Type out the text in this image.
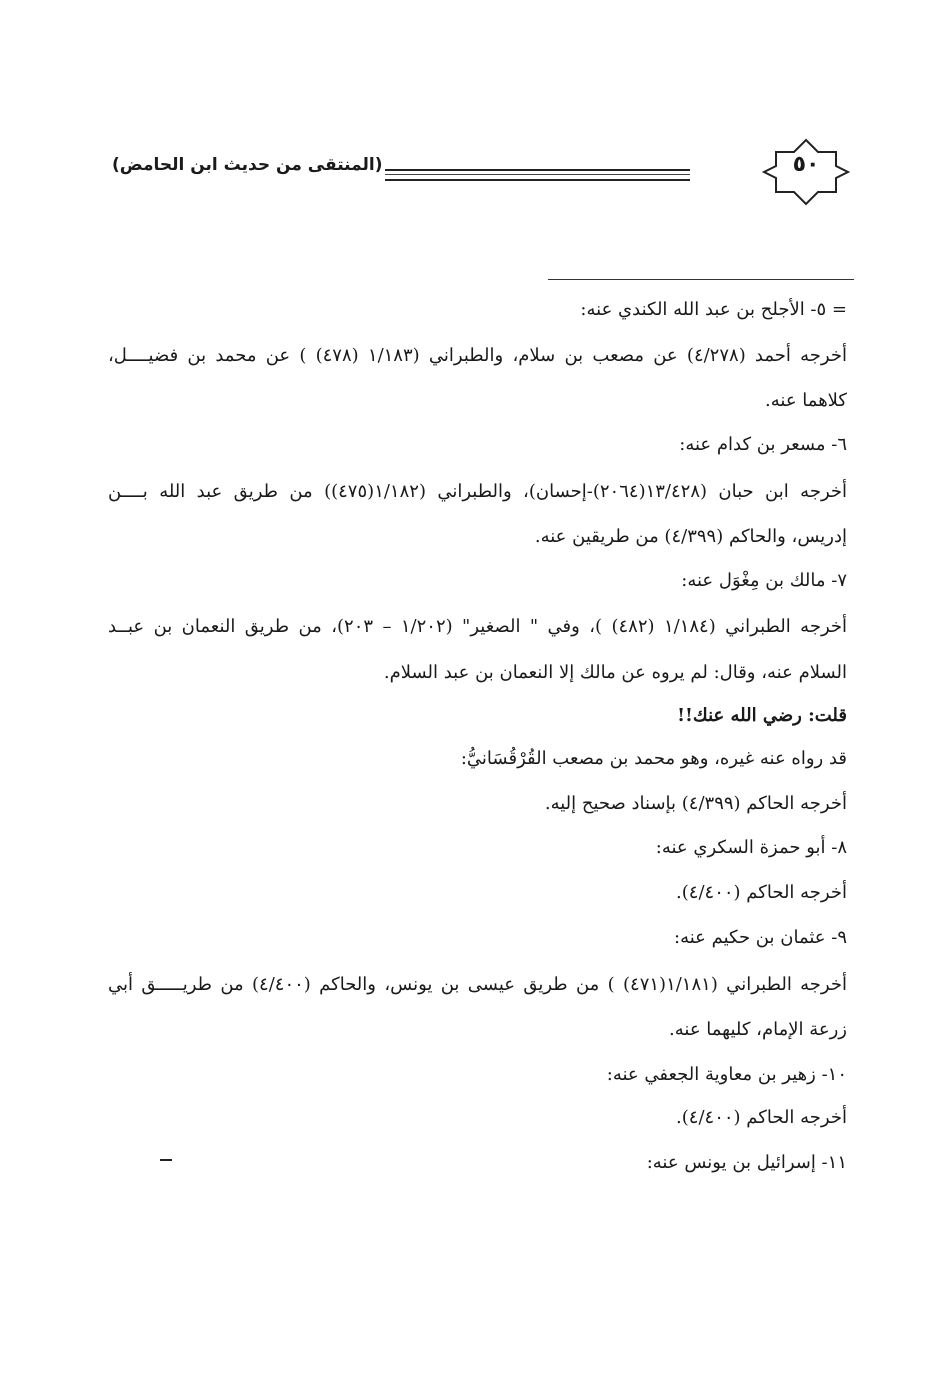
٥٠
(المنتقى من حديث ابن الحامض)
= ٥- الأجلح بن عبد الله الكندي عنه:
أخرجه أحمد (٤/٢٧٨) عن مصعب بن سلام، والطبراني (١/١٨٣ (٤٧٨) ) عن محمد بن فضيــــل،
كلاهما عنه.
٦- مسعر بن كدام عنه:
أخرجه ابن حبان (١٣/٤٢٨(٢٠٦٤)-إحسان)، والطبراني (١/١٨٢(٤٧٥)) من طريق عبد الله بــــن
إدريس، والحاكم (٤/٣٩٩) من طريقين عنه.
٧- مالك بن مِغْوَل عنه:
أخرجه الطبراني (١/١٨٤ (٤٨٢) )، وفي " الصغير" (١/٢٠٢ – ٢٠٣)، من طريق النعمان بن عبــد
السلام عنه، وقال: لم يروه عن مالك إلا النعمان بن عبد السلام.
قلت: رضي الله عنك!!
قد رواه عنه غيره، وهو محمد بن مصعب القُرْقُسَانيُّ:
أخرجه الحاكم (٤/٣٩٩) بإسناد صحيح إليه.
٨- أبو حمزة السكري عنه:
أخرجه الحاكم (٤/٤٠٠).
٩- عثمان بن حكيم عنه:
أخرجه الطبراني (١/١٨١(٤٧١) ) من طريق عيسى بن يونس، والحاكم (٤/٤٠٠) من طريـــــق أبي
زرعة الإمام، كليهما عنه.
١٠- زهير بن معاوية الجعفي عنه:
أخرجه الحاكم (٤/٤٠٠).
١١- إسرائيل بن يونس عنه:
